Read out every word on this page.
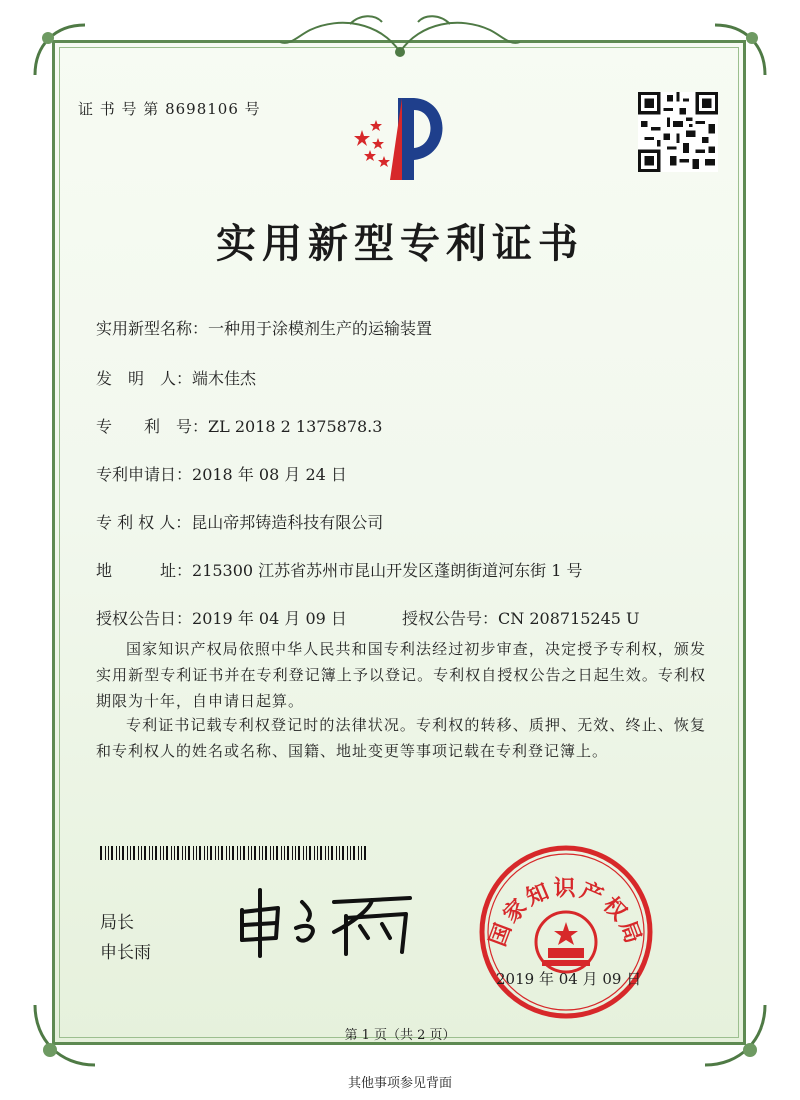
证 书 号 第 8698106 号
实用新型专利证书
实用新型名称：一种用于涂模剂生产的运输装置
发　明　人：端木佳杰
专　　利　号：ZL 2018 2 1375878.3
专利申请日：2018 年 08 月 24 日
专 利 权 人：昆山帝邦铸造科技有限公司
地　　　址：215300 江苏省苏州市昆山开发区蓬朗街道河东街 1 号
授权公告日：2019 年 04 月 09 日	授权公告号：CN 208715245 U
国家知识产权局依照中华人民共和国专利法经过初步审查，决定授予专利权，颁发实用新型专利证书并在专利登记簿上予以登记。专利权自授权公告之日起生效。专利权期限为十年，自申请日起算。
专利证书记载专利权登记时的法律状况。专利权的转移、质押、无效、终止、恢复和专利权人的姓名或名称、国籍、地址变更等事项记载在专利登记簿上。
局长
申长雨
国家知识产权局
2019 年 04 月 09 日
第 1 页（共 2 页）
其他事项参见背面
